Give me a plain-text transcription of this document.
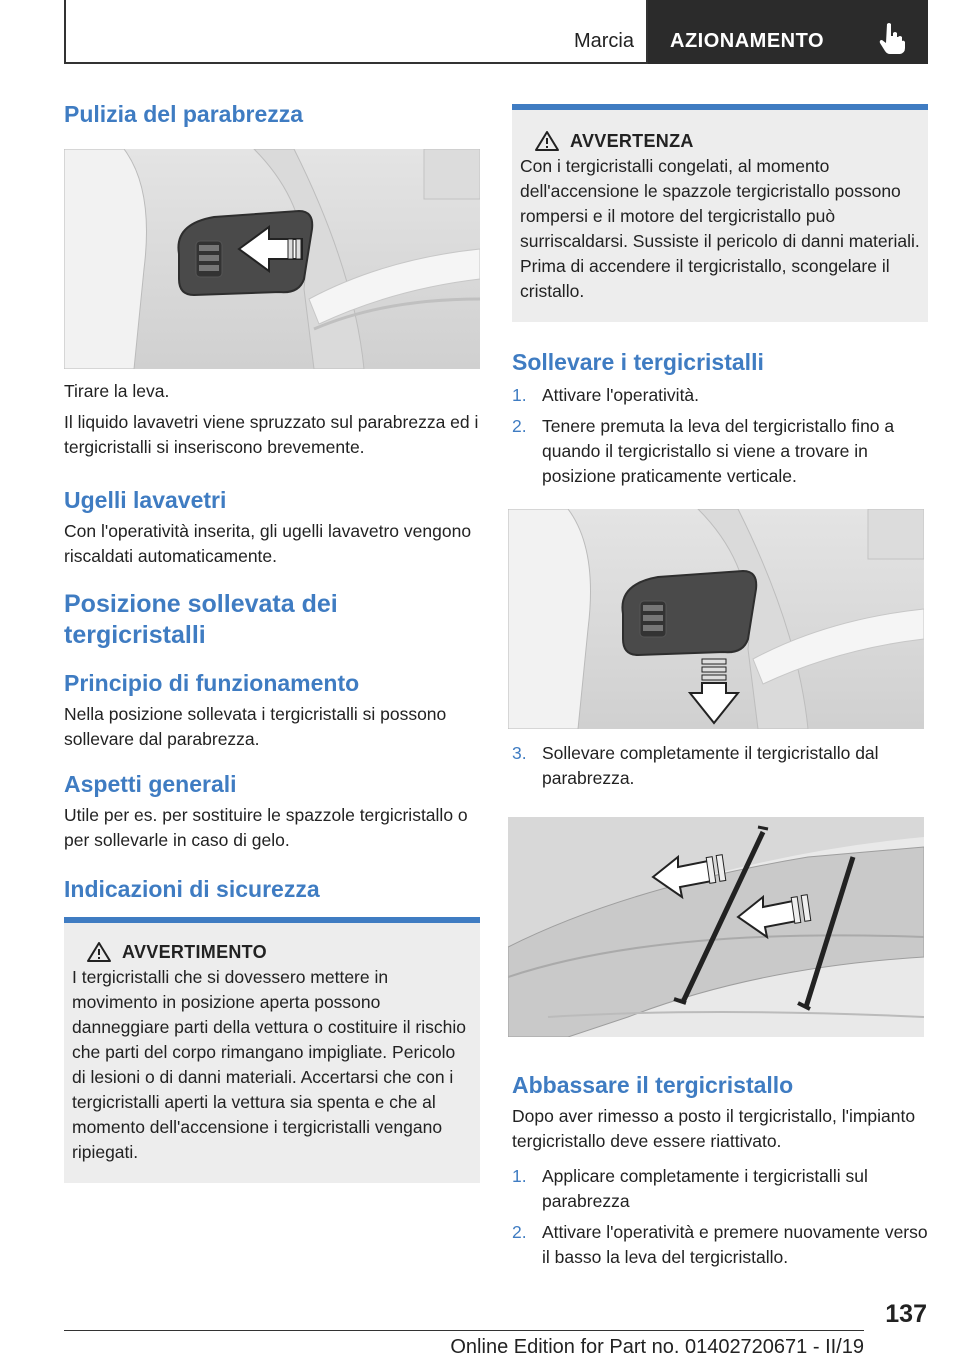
Marcia AZIONAMENTO
Pulizia del parabrezza

Tirare la leva.

Il liquido lavavetri viene spruzzato sul parabrezza ed i tergicristalli si inseriscono brevemente.

Ugelli lavavetri

Con l'operatività inserita, gli ugelli lavavetro vengono riscaldati automaticamente.

Posizione sollevata dei tergicristalli
Principio di funzionamento

Nella posizione sollevata i tergicristalli si possono sollevare dal parabrezza.

Aspetti generali

Utile per es. per sostituire le spazzole tergicristallo o per sollevarle in caso di gelo.

Indicazioni di sicurezza
AVVERTIMENTO
I tergicristalli che si dovessero mettere in movimento in posizione aperta possono danneggiare parti della vettura o costituire il rischio che parti del corpo rimangano impigliate. Pericolo di lesioni o di danni materiali. Accertarsi che con i tergicristalli aperti la vettura sia spenta e che al momento dell'accensione i tergicristalli vengano ripiegati.
AVVERTENZA
Con i tergicristalli congelati, al momento dell'accensione le spazzole tergicristallo possono rompersi e il motore del tergicristallo può surriscaldarsi. Sussiste il pericolo di danni materiali. Prima di accendere il tergicristallo, scongelare il cristallo.
Sollevare i tergicristalli
1. Attivare l'operatività.
2. Tenere premuta la leva del tergicristallo fino a quando il tergicristallo si viene a trovare in posizione praticamente verticale.
3. Sollevare completamente il tergicristallo dal parabrezza.
Abbassare il tergicristallo

Dopo aver rimesso a posto il tergicristallo, l'impianto tergicristallo deve essere riattivato.

1. Applicare completamente i tergicristalli sul parabrezza
2. Attivare l'operatività e premere nuovamente verso il basso la leva del tergicristallo.
137
Online Edition for Part no. 01402720671 - II/19
